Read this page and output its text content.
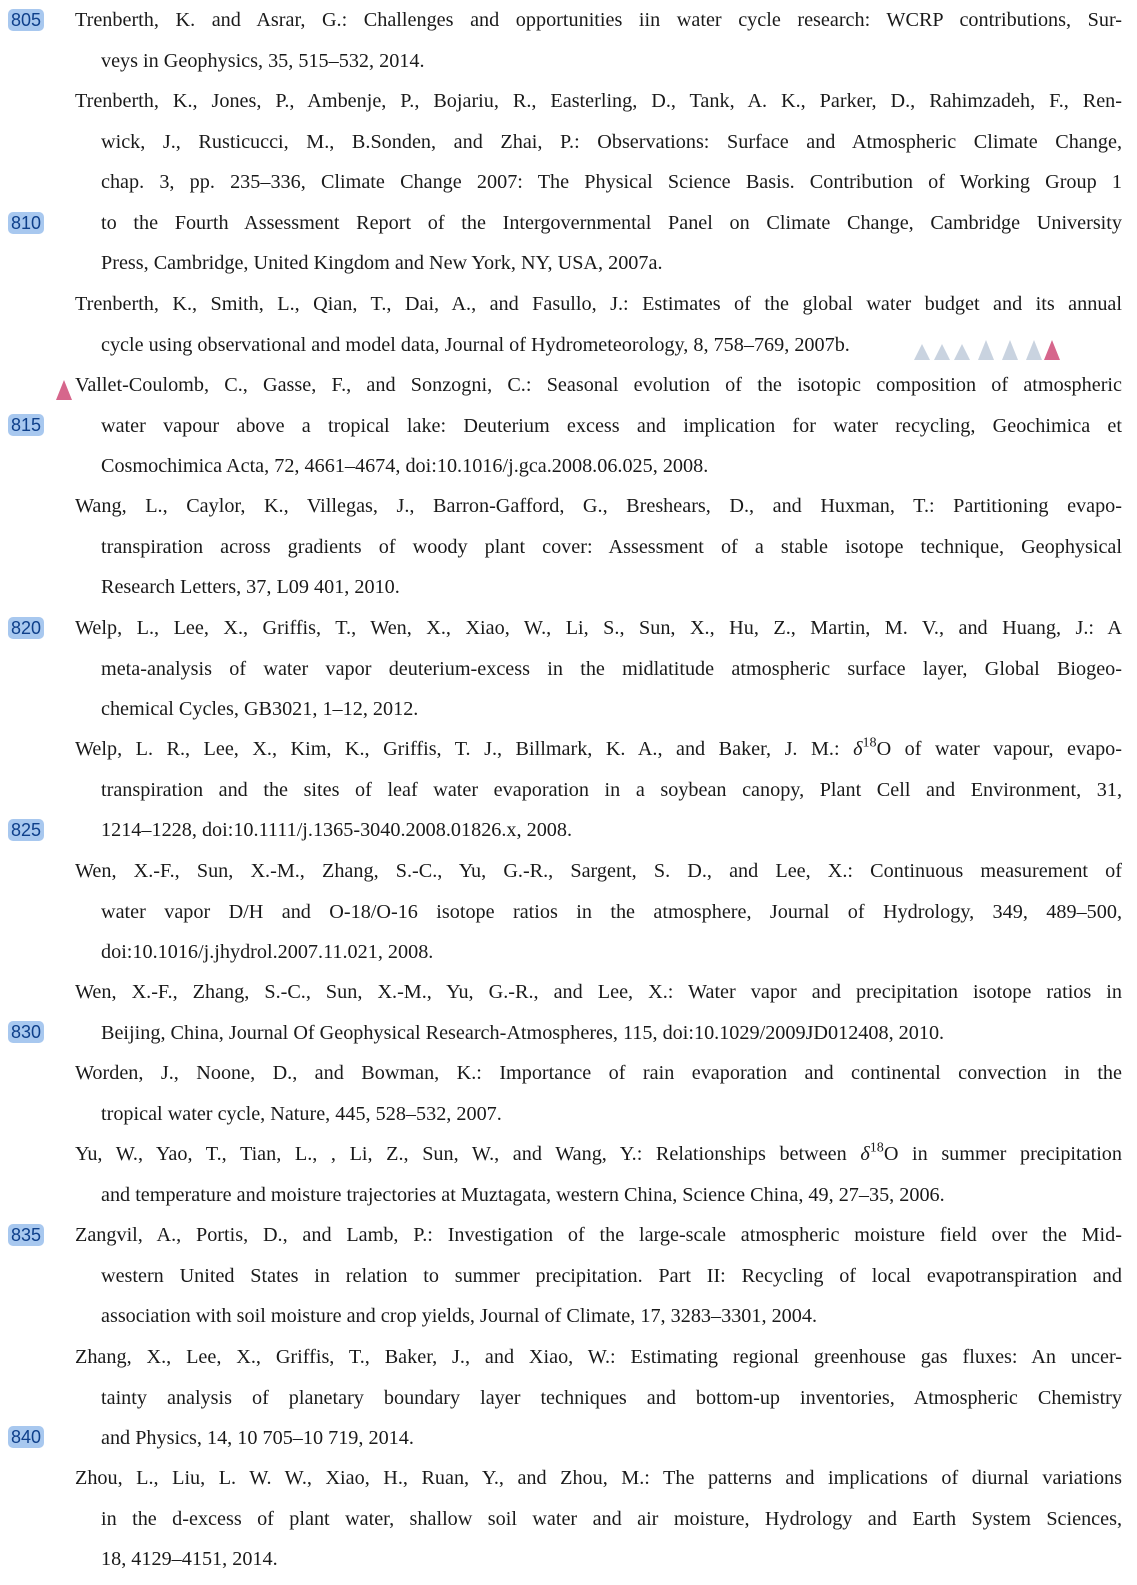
805
810
815
820
825
830
835
840
Trenberth, K. and Asrar, G.: Challenges and opportunities iin water cycle research: WCRP contributions, Sur-
veys in Geophysics, 35, 515–532, 2014.
Trenberth, K., Jones, P., Ambenje, P., Bojariu, R., Easterling, D., Tank, A. K., Parker, D., Rahimzadeh, F., Ren-
wick, J., Rusticucci, M., B.Sonden, and Zhai, P.: Observations: Surface and Atmospheric Climate Change,
chap. 3, pp. 235–336, Climate Change 2007: The Physical Science Basis. Contribution of Working Group 1
to the Fourth Assessment Report of the Intergovernmental Panel on Climate Change, Cambridge University
Press, Cambridge, United Kingdom and New York, NY, USA, 2007a.
Trenberth, K., Smith, L., Qian, T., Dai, A., and Fasullo, J.: Estimates of the global water budget and its annual
cycle using observational and model data, Journal of Hydrometeorology, 8, 758–769, 2007b.
Vallet-Coulomb, C., Gasse, F., and Sonzogni, C.: Seasonal evolution of the isotopic composition of atmospheric
water vapour above a tropical lake: Deuterium excess and implication for water recycling, Geochimica et
Cosmochimica Acta, 72, 4661–4674, doi:10.1016/j.gca.2008.06.025, 2008.
Wang, L., Caylor, K., Villegas, J., Barron-Gafford, G., Breshears, D., and Huxman, T.: Partitioning evapo-
transpiration across gradients of woody plant cover: Assessment of a stable isotope technique, Geophysical
Research Letters, 37, L09 401, 2010.
Welp, L., Lee, X., Griffis, T., Wen, X., Xiao, W., Li, S., Sun, X., Hu, Z., Martin, M. V., and Huang, J.: A
meta-analysis of water vapor deuterium-excess in the midlatitude atmospheric surface layer, Global Biogeo-
chemical Cycles, GB3021, 1–12, 2012.
Welp, L. R., Lee, X., Kim, K., Griffis, T. J., Billmark, K. A., and Baker, J. M.: $\delta^{18}O$ of water vapour, evapo-
transpiration and the sites of leaf water evaporation in a soybean canopy, Plant Cell and Environment, 31,
1214–1228, doi:10.1111/j.1365-3040.2008.01826.x, 2008.
Wen, X.-F., Sun, X.-M., Zhang, S.-C., Yu, G.-R., Sargent, S. D., and Lee, X.: Continuous measurement of
water vapor D/H and O-18/O-16 isotope ratios in the atmosphere, Journal of Hydrology, 349, 489–500,
doi:10.1016/j.jhydrol.2007.11.021, 2008.
Wen, X.-F., Zhang, S.-C., Sun, X.-M., Yu, G.-R., and Lee, X.: Water vapor and precipitation isotope ratios in
Beijing, China, Journal Of Geophysical Research-Atmospheres, 115, doi:10.1029/2009JD012408, 2010.
Worden, J., Noone, D., and Bowman, K.: Importance of rain evaporation and continental convection in the
tropical water cycle, Nature, 445, 528–532, 2007.
Yu, W., Yao, T., Tian, L., , Li, Z., Sun, W., and Wang, Y.: Relationships between $\delta^{18}O$ in summer precipitation
and temperature and moisture trajectories at Muztagata, western China, Science China, 49, 27–35, 2006.
Zangvil, A., Portis, D., and Lamb, P.: Investigation of the large-scale atmospheric moisture field over the Mid-
western United States in relation to summer precipitation. Part II: Recycling of local evapotranspiration and
association with soil moisture and crop yields, Journal of Climate, 17, 3283–3301, 2004.
Zhang, X., Lee, X., Griffis, T., Baker, J., and Xiao, W.: Estimating regional greenhouse gas fluxes: An uncer-
tainty analysis of planetary boundary layer techniques and bottom-up inventories, Atmospheric Chemistry
and Physics, 14, 10 705–10 719, 2014.
Zhou, L., Liu, L. W. W., Xiao, H., Ruan, Y., and Zhou, M.: The patterns and implications of diurnal variations
in the d-excess of plant water, shallow soil water and air moisture, Hydrology and Earth System Sciences,
18, 4129–4151, 2014.
